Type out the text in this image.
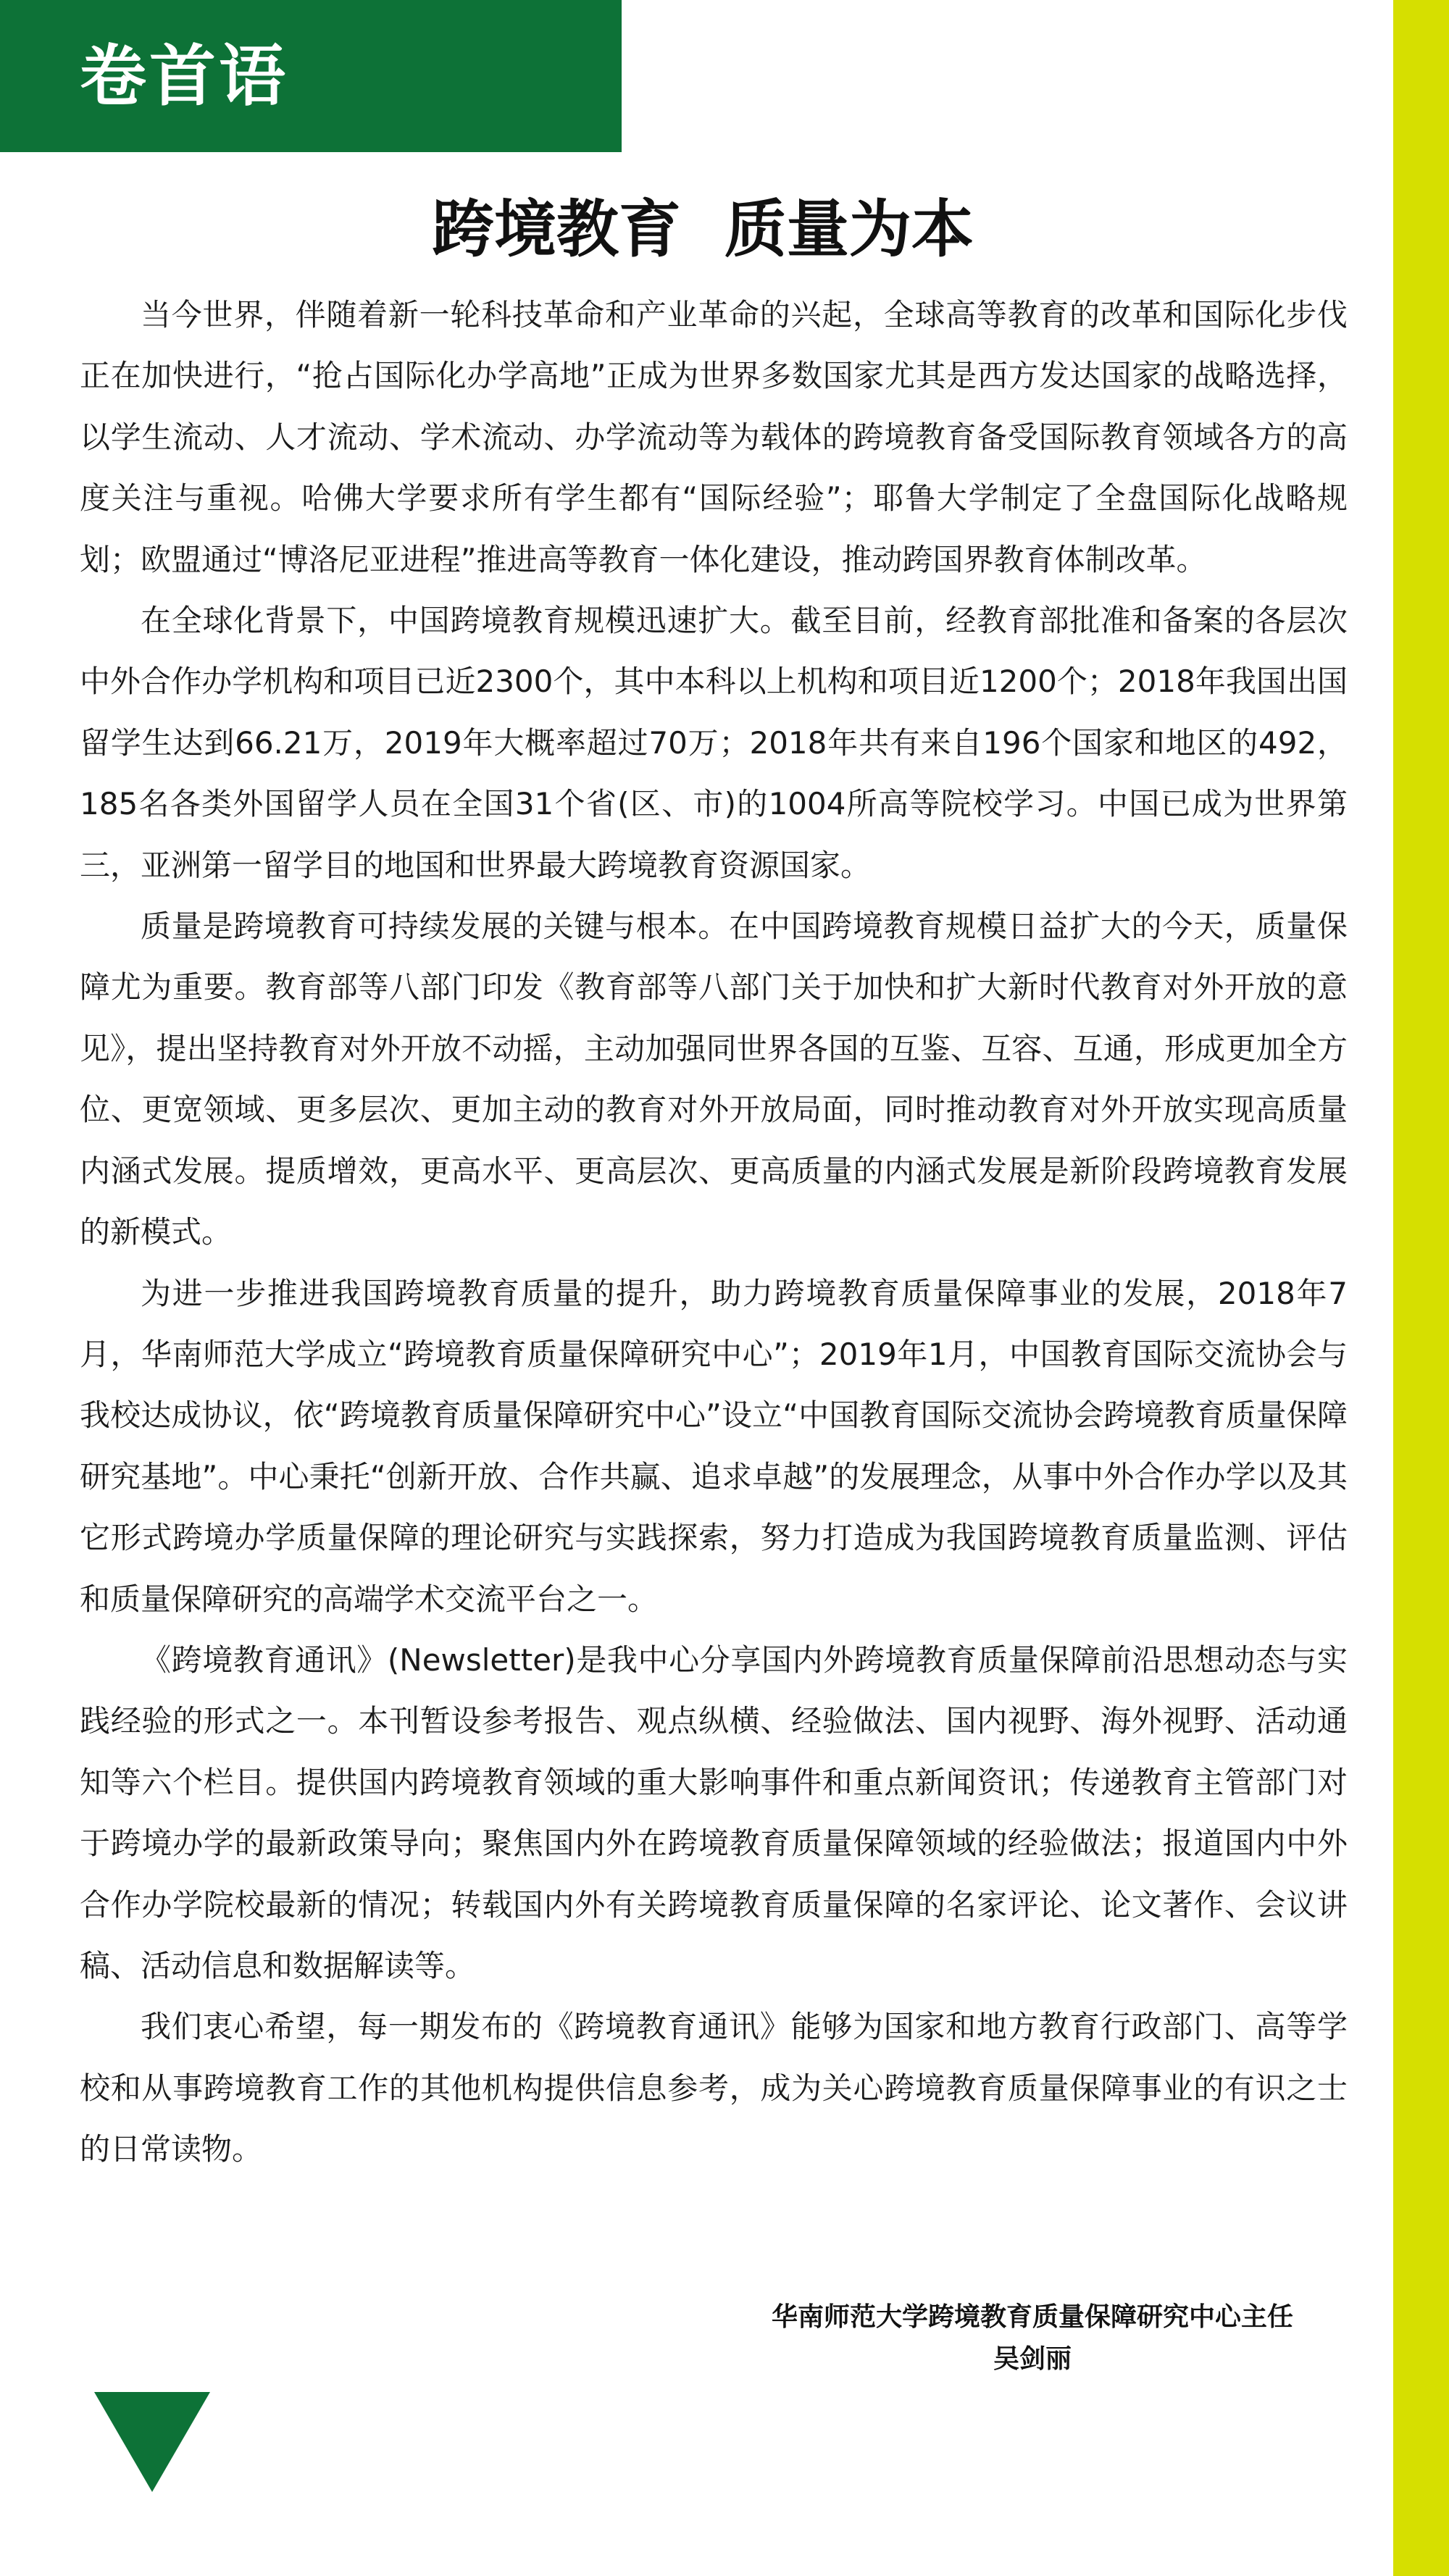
卷首语
跨境教育  质量为本

当今世界，伴随着新一轮科技革命和产业革命的兴起，全球高等教育的改革和国际化步伐正在加快进行，“抢占国际化办学高地”正成为世界多数国家尤其是西方发达国家的战略选择，以学生流动、人才流动、学术流动、办学流动等为载体的跨境教育备受国际教育领域各方的高度关注与重视。哈佛大学要求所有学生都有“国际经验”；耶鲁大学制定了全盘国际化战略规划；欧盟通过“博洛尼亚进程”推进高等教育一体化建设，推动跨国界教育体制改革。

在全球化背景下，中国跨境教育规模迅速扩大。截至目前，经教育部批准和备案的各层次中外合作办学机构和项目已近2300个，其中本科以上机构和项目近1200个；2018年我国出国留学生达到66.21万，2019年大概率超过70万；2018年共有来自196个国家和地区的492，185名各类外国留学人员在全国31个省(区、市)的1004所高等院校学习。中国已成为世界第三，亚洲第一留学目的地国和世界最大跨境教育资源国家。

质量是跨境教育可持续发展的关键与根本。在中国跨境教育规模日益扩大的今天，质量保障尤为重要。教育部等八部门印发《教育部等八部门关于加快和扩大新时代教育对外开放的意见》，提出坚持教育对外开放不动摇，主动加强同世界各国的互鉴、互容、互通，形成更加全方位、更宽领域、更多层次、更加主动的教育对外开放局面，同时推动教育对外开放实现高质量内涵式发展。提质增效，更高水平、更高层次、更高质量的内涵式发展是新阶段跨境教育发展的新模式。

为进一步推进我国跨境教育质量的提升，助力跨境教育质量保障事业的发展，2018年7月，华南师范大学成立“跨境教育质量保障研究中心”；2019年1月，中国教育国际交流协会与我校达成协议，依“跨境教育质量保障研究中心”设立“中国教育国际交流协会跨境教育质量保障研究基地”。中心秉托“创新开放、合作共赢、追求卓越”的发展理念，从事中外合作办学以及其它形式跨境办学质量保障的理论研究与实践探索，努力打造成为我国跨境教育质量监测、评估和质量保障研究的高端学术交流平台之一。

《跨境教育通讯》(Newsletter)是我中心分享国内外跨境教育质量保障前沿思想动态与实践经验的形式之一。本刊暂设参考报告、观点纵横、经验做法、国内视野、海外视野、活动通知等六个栏目。提供国内跨境教育领域的重大影响事件和重点新闻资讯；传递教育主管部门对于跨境办学的最新政策导向；聚焦国内外在跨境教育质量保障领域的经验做法；报道国内中外合作办学院校最新的情况；转载国内外有关跨境教育质量保障的名家评论、论文著作、会议讲稿、活动信息和数据解读等。

我们衷心希望，每一期发布的《跨境教育通讯》能够为国家和地方教育行政部门、高等学校和从事跨境教育工作的其他机构提供信息参考，成为关心跨境教育质量保障事业的有识之士的日常读物。

华南师范大学跨境教育质量保障研究中心主任
吴剑丽
